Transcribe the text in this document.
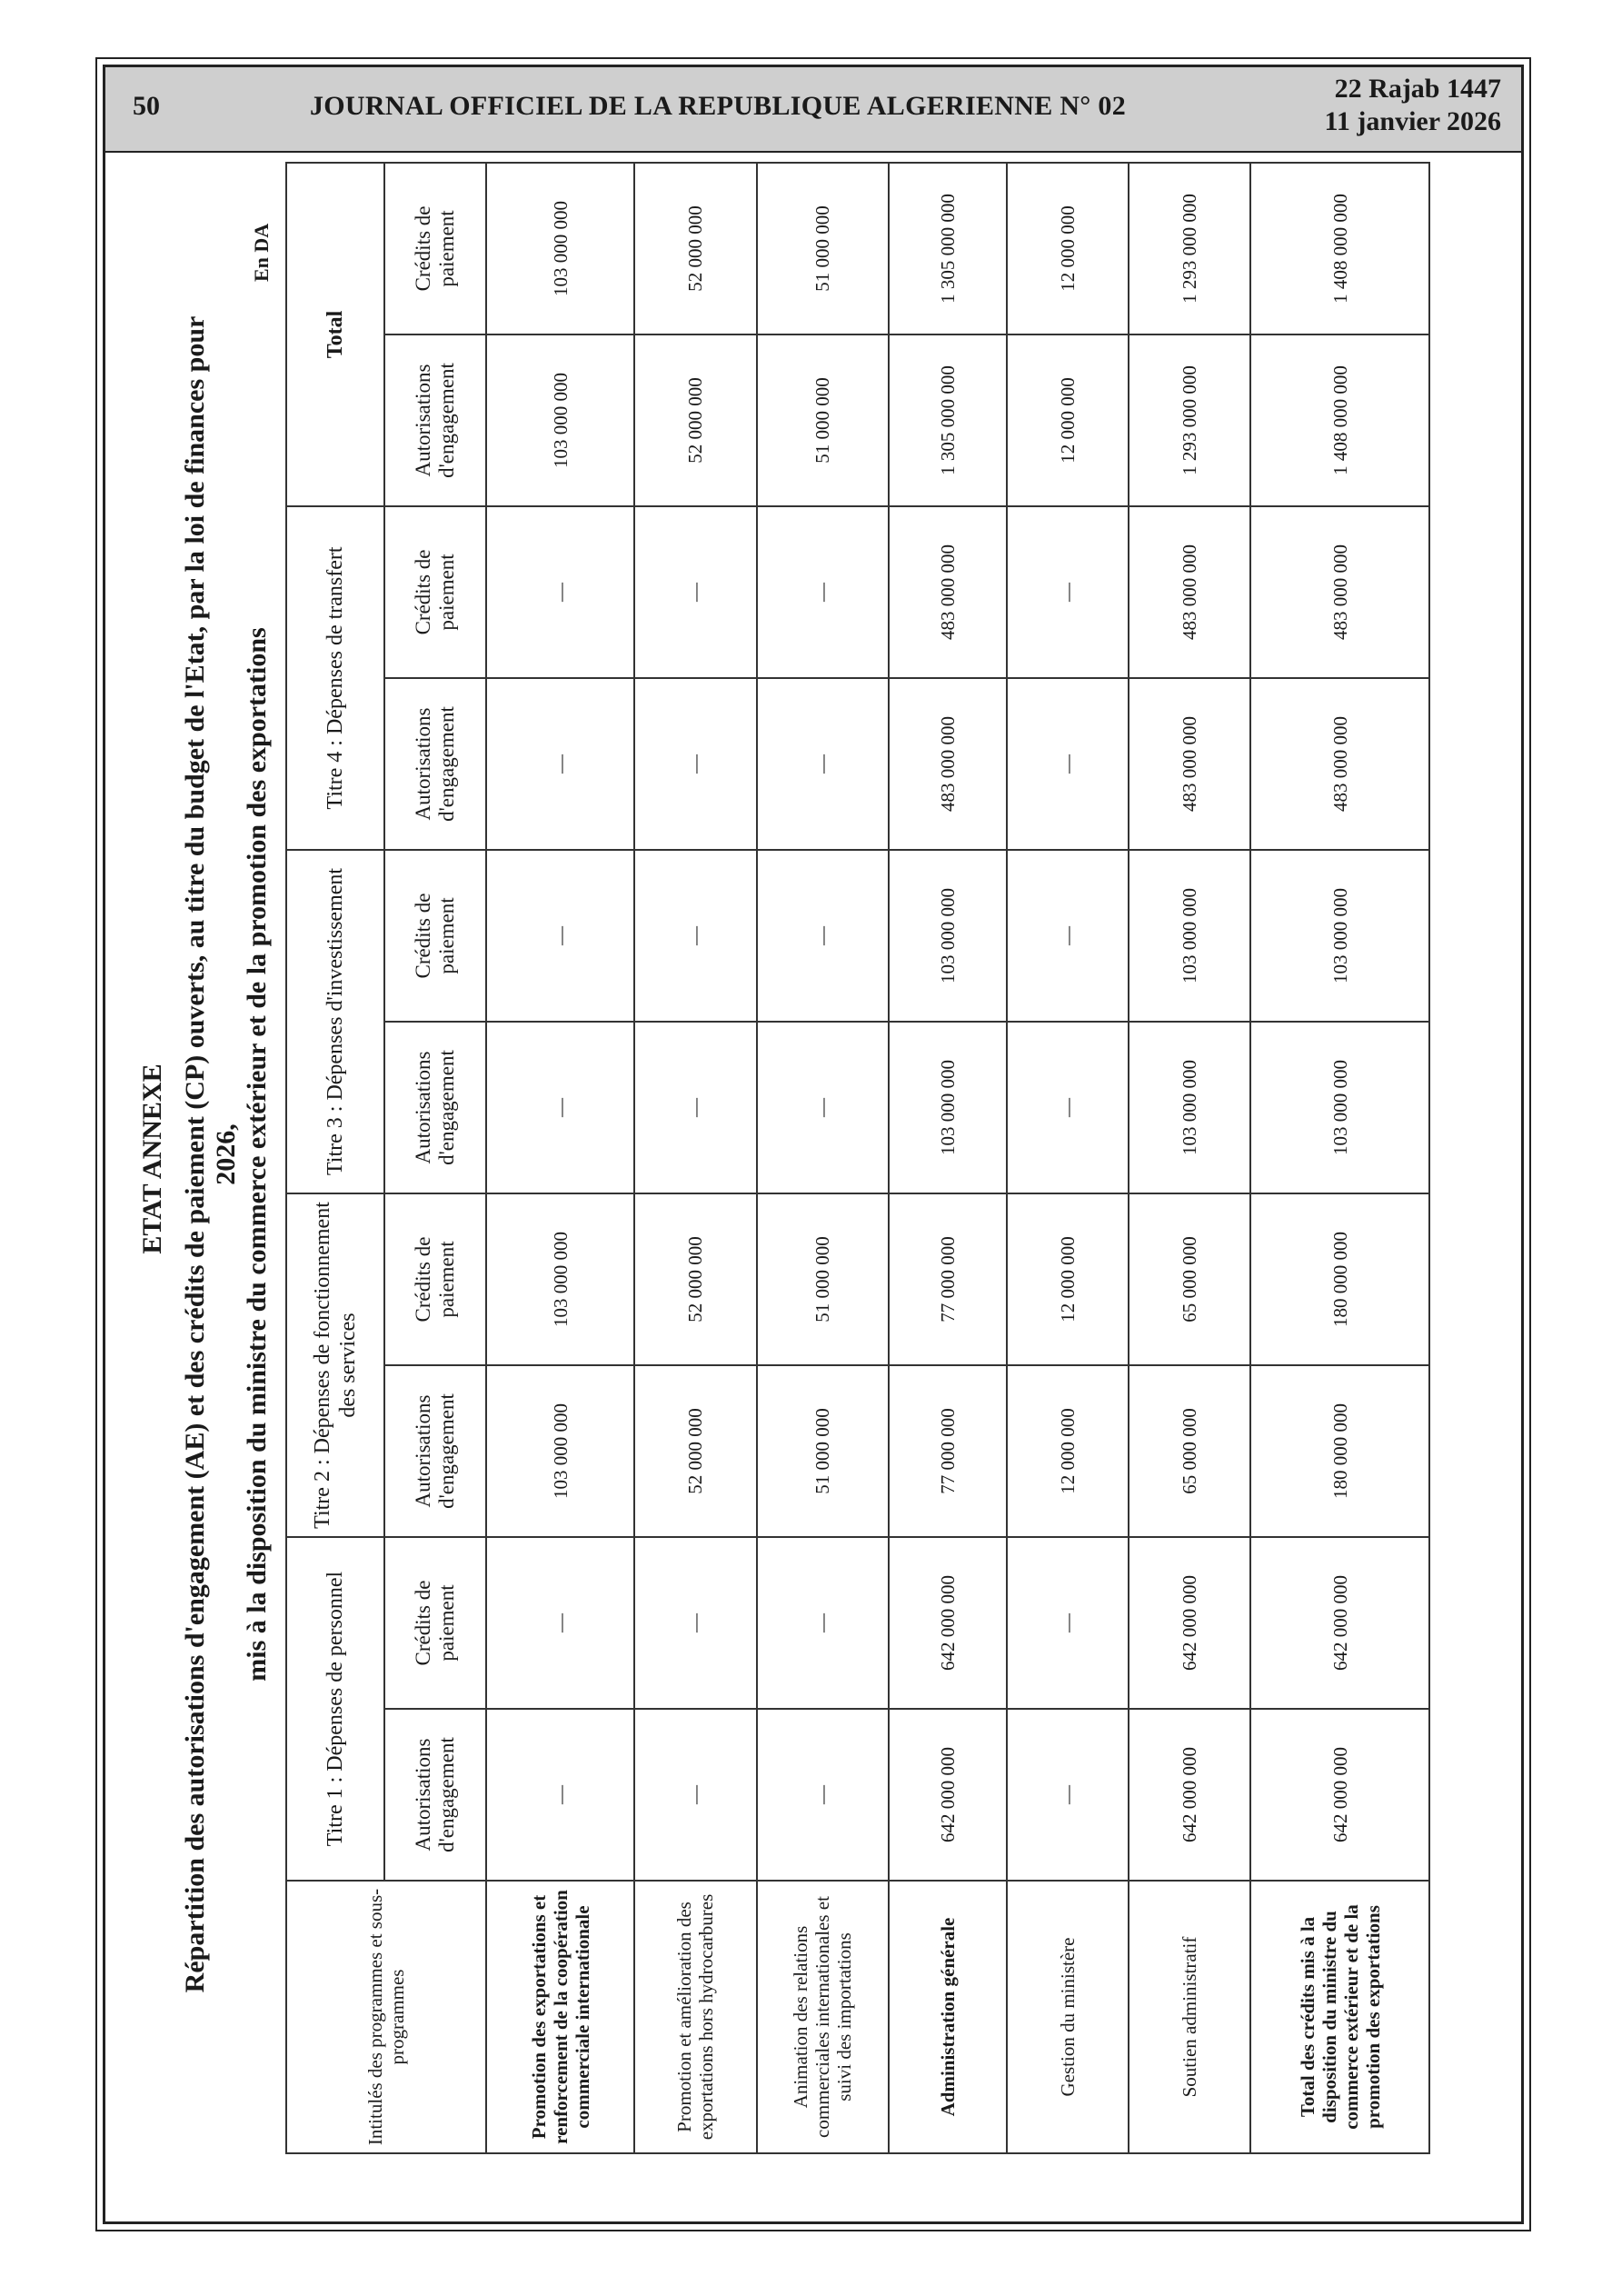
50	JOURNAL OFFICIEL DE LA REPUBLIQUE ALGERIENNE N° 02
22 Rajab 1447
11 janvier 2026
ETAT ANNEXE Répartition des autorisations d'engagement (AE) et des crédits de paiement (CP) ouverts, au titre du budget de l'Etat, par la loi de finances pour 2026, mis à la disposition du ministre du commerce extérieur et de la promotion des exportations
En DA
Intitulés des programmes et sous-programmes	Titre 1 : Dépenses de personnel		Titre 2 : Dépenses de fonctionnement des services		Titre 3 : Dépenses d'investissement		Titre 4 : Dépenses de transfert		Total	
	Autorisations d'engagement	Crédits de paiement	Autorisations d'engagement	Crédits de paiement	Autorisations d'engagement	Crédits de paiement	Autorisations d'engagement	Crédits de paiement	Autorisations d'engagement	Crédits de paiement
Promotion des exportations et renforcement de la coopération commerciale internationale	—	—	103 000 000	103 000 000	—	—	—	—	103 000 000	103 000 000
Promotion et amélioration des exportations hors hydrocarbures	—	—	52 000 000	52 000 000	—	—	—	—	52 000 000	52 000 000
Animation des relations commerciales internationales et suivi des importations	—	—	51 000 000	51 000 000	—	—	—	—	51 000 000	51 000 000
Administration générale	642 000 000	642 000 000	77 000 000	77 000 000	103 000 000	103 000 000	483 000 000	483 000 000	1 305 000 000	1 305 000 000
Gestion du ministère	—	—	12 000 000	12 000 000	—	—	—	—	12 000 000	12 000 000
Soutien administratif	642 000 000	642 000 000	65 000 000	65 000 000	103 000 000	103 000 000	483 000 000	483 000 000	1 293 000 000	1 293 000 000
Total des crédits mis à la disposition du ministre du commerce extérieur et de la promotion des exportations	642 000 000	642 000 000	180 000 000	180 000 000	103 000 000	103 000 000	483 000 000	483 000 000	1 408 000 000	1 408 000 000
